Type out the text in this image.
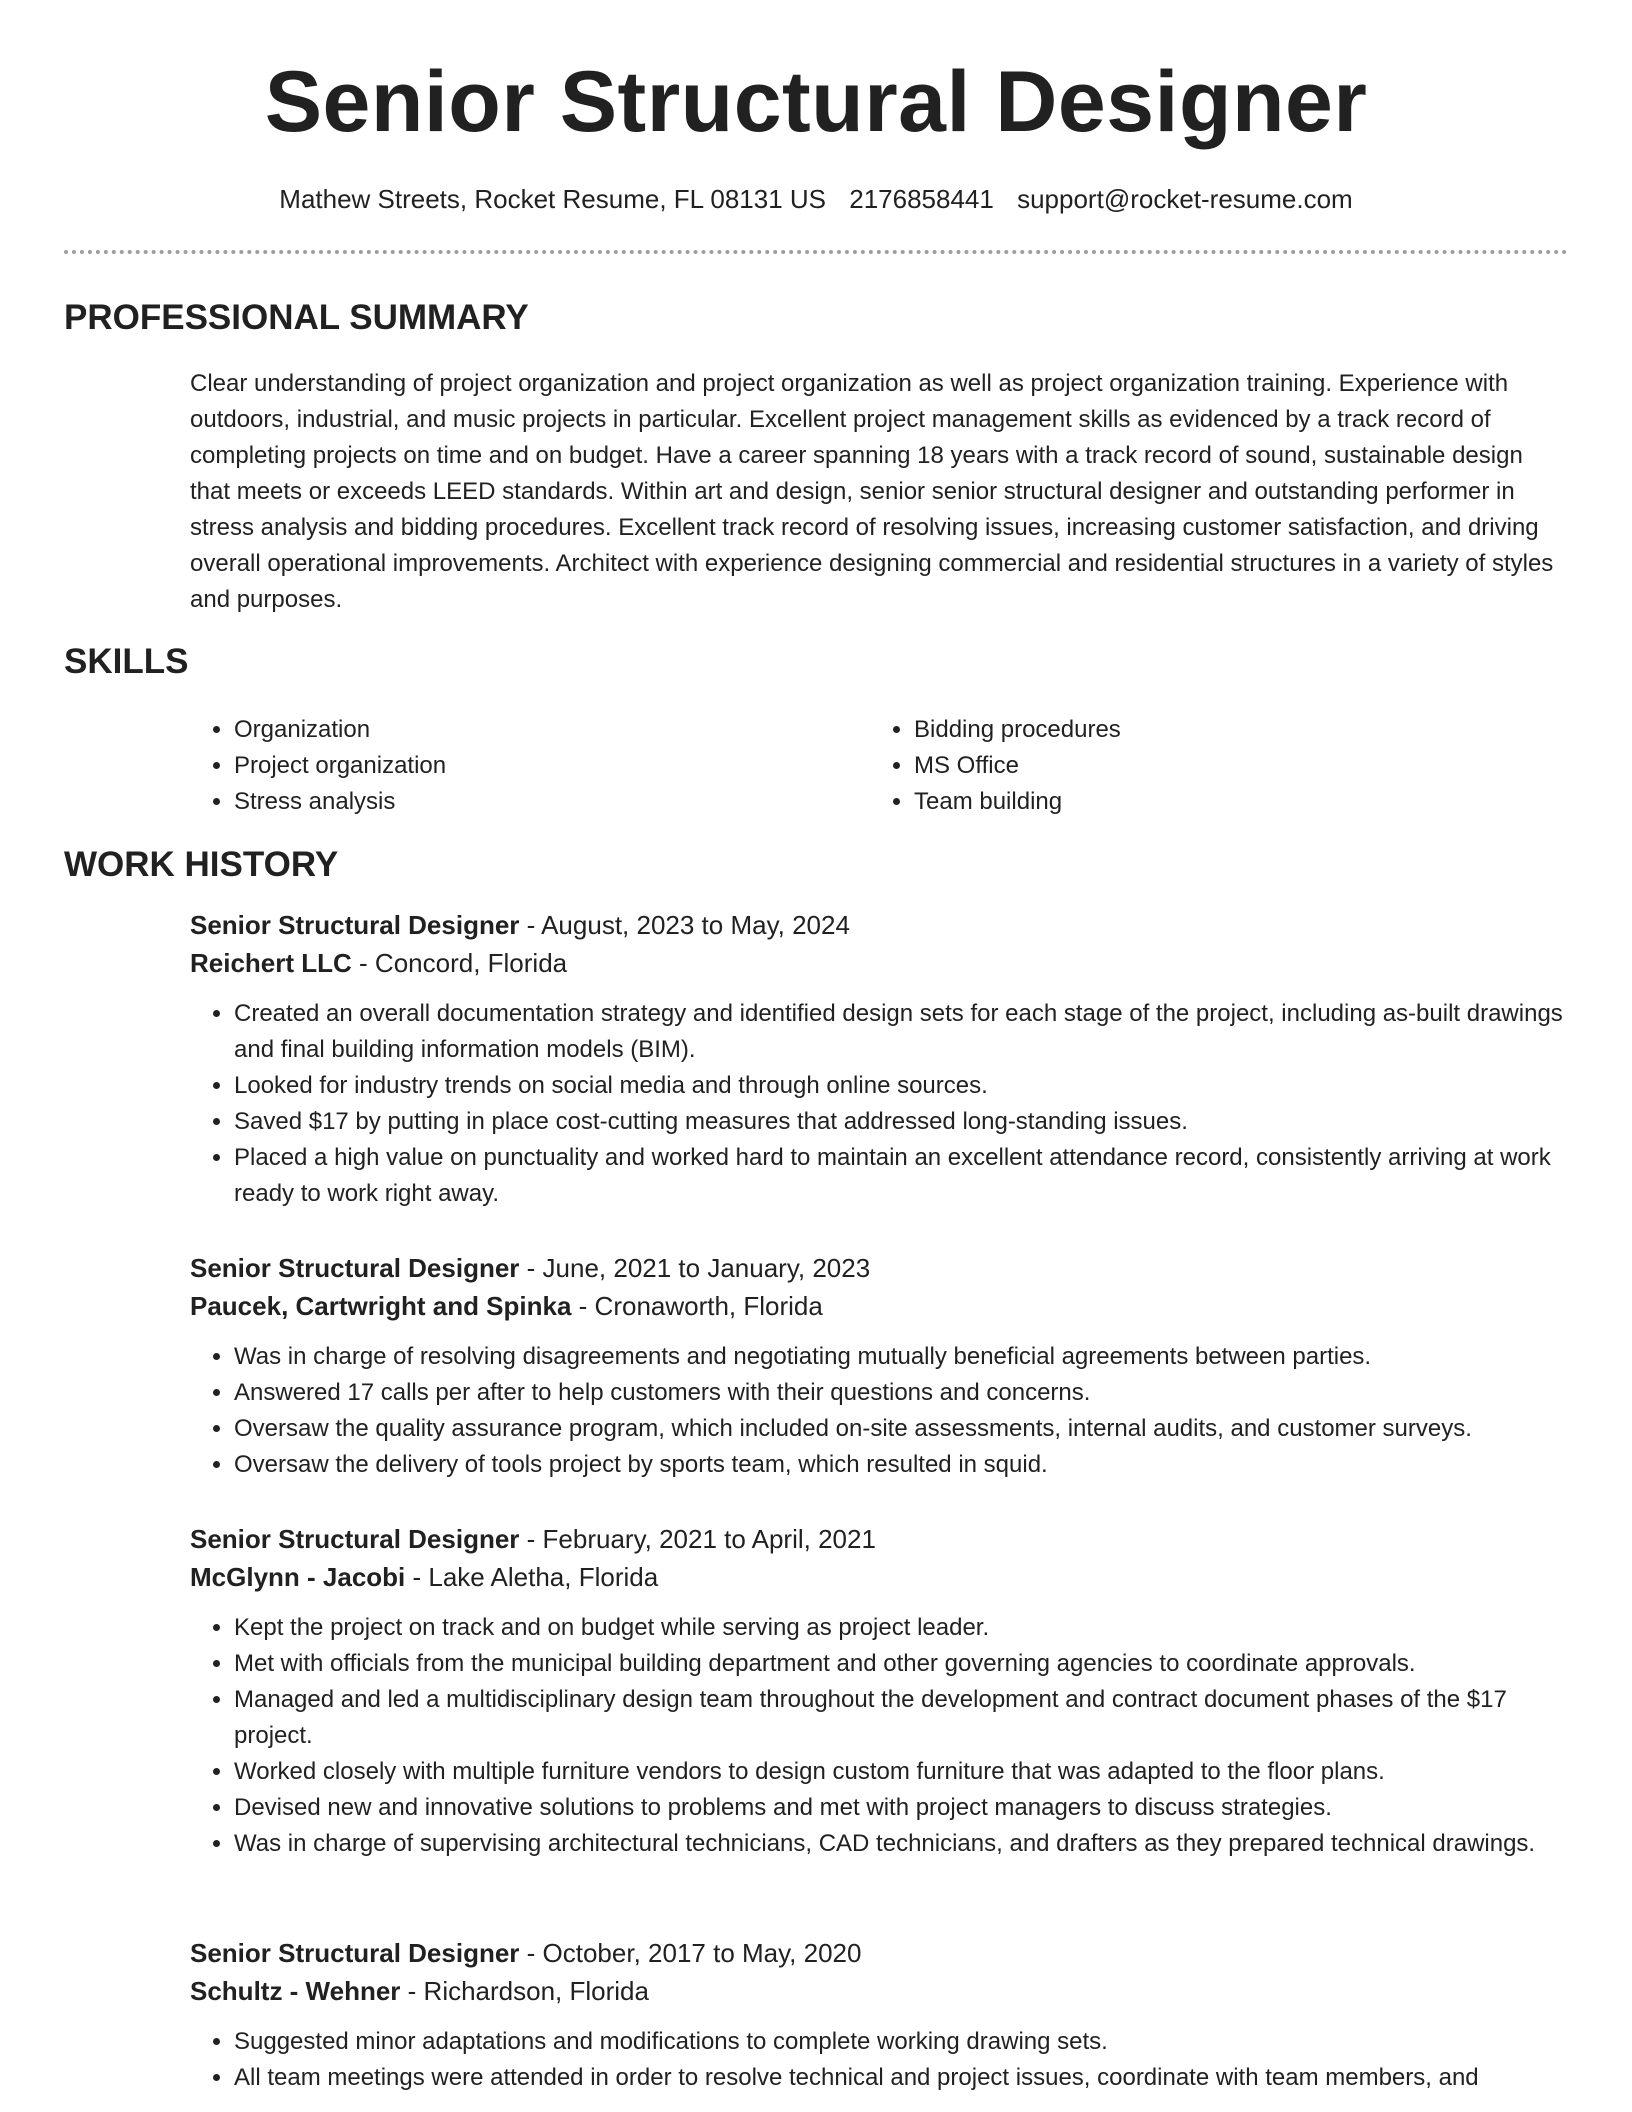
Senior Structural Designer
Mathew Streets, Rocket Resume, FL 08131 US 2176858441 support@rocket-resume.com
PROFESSIONAL SUMMARY

Clear understanding of project organization and project organization as well as project organization training. Experience with outdoors, industrial, and music projects in particular. Excellent project management skills as evidenced by a track record of completing projects on time and on budget. Have a career spanning 18 years with a track record of sound, sustainable design that meets or exceeds LEED standards. Within art and design, senior senior structural designer and outstanding performer in stress analysis and bidding procedures. Excellent track record of resolving issues, increasing customer satisfaction, and driving overall operational improvements. Architect with experience designing commercial and residential structures in a variety of styles and purposes.

SKILLS
• Organization
• Project organization
• Stress analysis
• Bidding procedures
• MS Office
• Team building
WORK HISTORY
Senior Structural Designer - August, 2023 to May, 2024
Reichert LLC - Concord, Florida
• Created an overall documentation strategy and identified design sets for each stage of the project, including as-built drawings and final building information models (BIM).
• Looked for industry trends on social media and through online sources.
• Saved $17 by putting in place cost-cutting measures that addressed long-standing issues.
• Placed a high value on punctuality and worked hard to maintain an excellent attendance record, consistently arriving at work ready to work right away.
Senior Structural Designer - June, 2021 to January, 2023
Paucek, Cartwright and Spinka - Cronaworth, Florida
• Was in charge of resolving disagreements and negotiating mutually beneficial agreements between parties.
• Answered 17 calls per after to help customers with their questions and concerns.
• Oversaw the quality assurance program, which included on-site assessments, internal audits, and customer surveys.
• Oversaw the delivery of tools project by sports team, which resulted in squid.
Senior Structural Designer - February, 2021 to April, 2021
McGlynn - Jacobi - Lake Aletha, Florida
• Kept the project on track and on budget while serving as project leader.
• Met with officials from the municipal building department and other governing agencies to coordinate approvals.
• Managed and led a multidisciplinary design team throughout the development and contract document phases of the $17 project.
• Worked closely with multiple furniture vendors to design custom furniture that was adapted to the floor plans.
• Devised new and innovative solutions to problems and met with project managers to discuss strategies.
• Was in charge of supervising architectural technicians, CAD technicians, and drafters as they prepared technical drawings.
Senior Structural Designer - October, 2017 to May, 2020
Schultz - Wehner - Richardson, Florida
• Suggested minor adaptations and modifications to complete working drawing sets.
• All team meetings were attended in order to resolve technical and project issues, coordinate with team members, and
